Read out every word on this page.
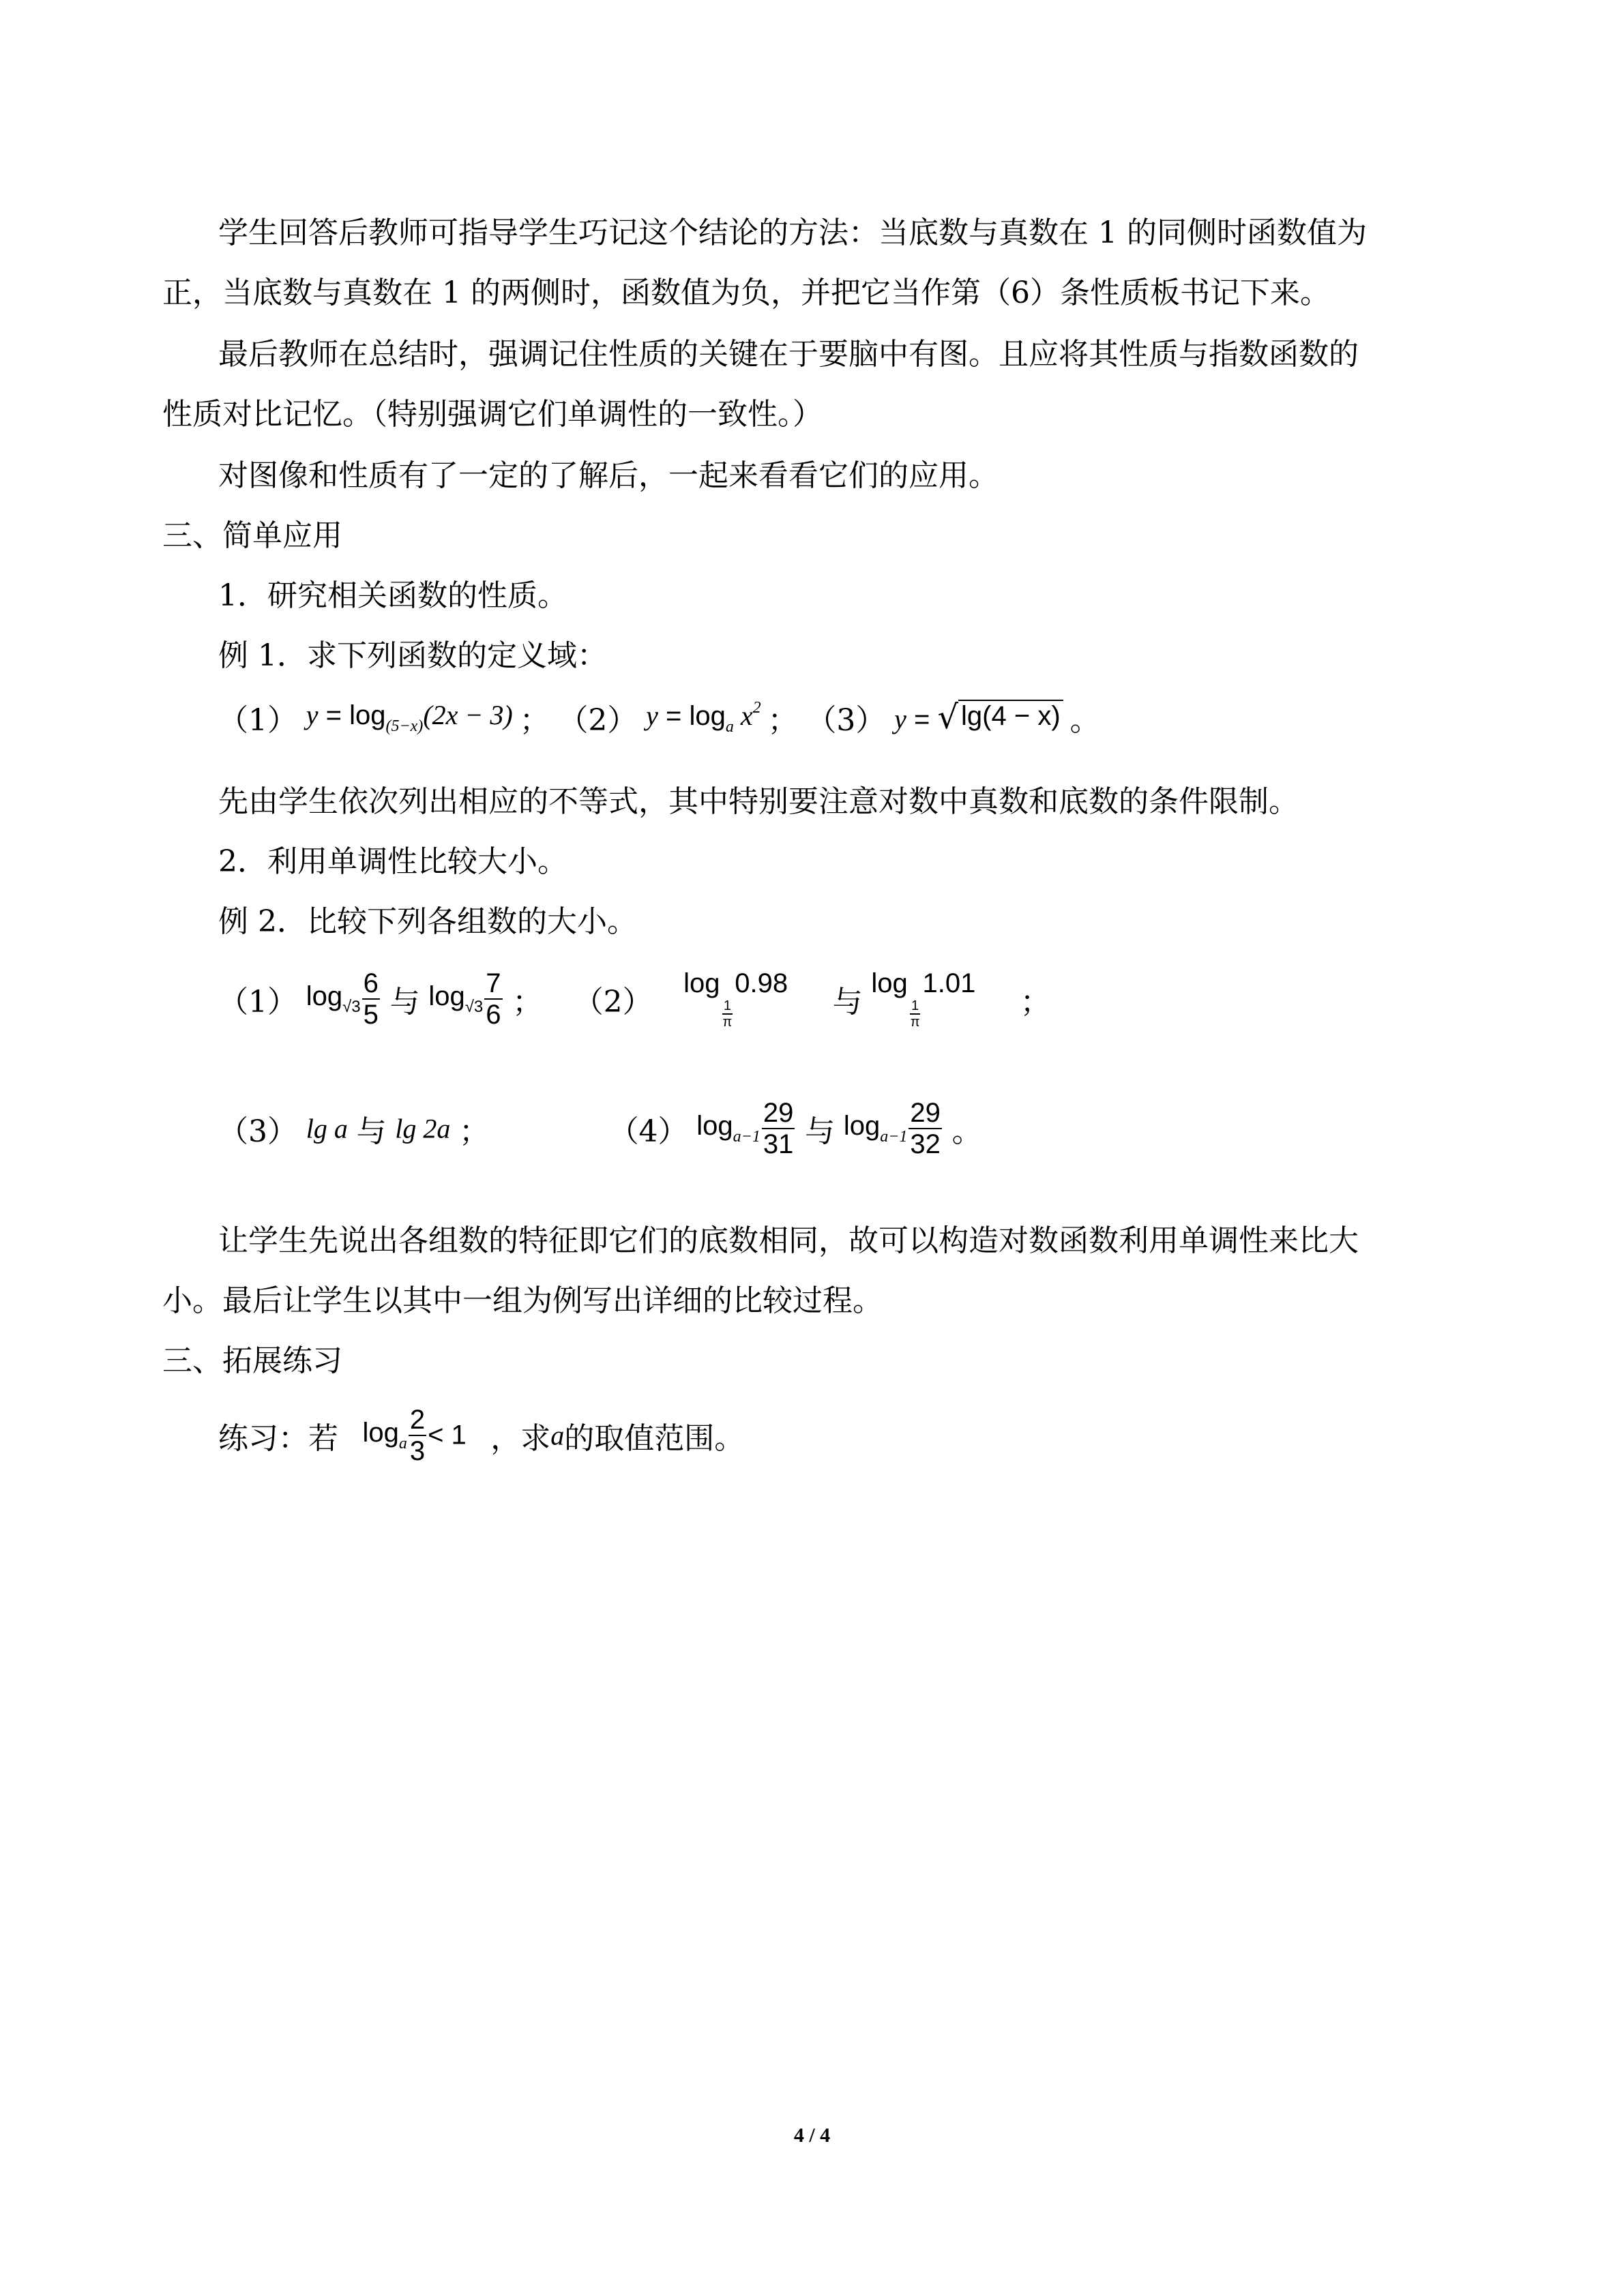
学生回答后教师可指导学生巧记这个结论的方法：当底数与真数在 1 的同侧时函数值为
正，当底数与真数在 1 的两侧时，函数值为负，并把它当作第（6）条性质板书记下来。
最后教师在总结时，强调记住性质的关键在于要脑中有图。且应将其性质与指数函数的
性质对比记忆。（特别强调它们单调性的一致性。）
对图像和性质有了一定的了解后，一起来看看它们的应用。
三、简单应用
1．研究相关函数的性质。
例 1．求下列函数的定义域：
（1） $y = \log_{(5-x)}(2x - 3)$ ； （2） $y = \log_a x^2$ ； （3） y = √ lg(4 − x) 。
先由学生依次列出相应的不等式，其中特别要注意对数中真数和底数的条件限制。
2．利用单调性比较大小。
例 2．比较下列各组数的大小。
（1） $\log_{√3} \frac{6}{5}$ 与 $\log_{√3} \frac{7}{6}$ ； （2）  log
$\frac{1}{\pi}$
0.98  与 log
$\frac{1}{\pi}$
1.01  ；
（3） lg a 与 lg 2a ；	（4） $\log_{a-1} \frac{29}{31}$ 与 $\log_{a-1} \frac{29}{32}$ 。
让学生先说出各组数的特征即它们的底数相同，故可以构造对数函数利用单调性来比大
小。最后让学生以其中一组为例写出详细的比较过程。
三、拓展练习
练习：若 $\log_a \frac{2}{3} < 1$ ，求a的取值范围。
4 / 4
